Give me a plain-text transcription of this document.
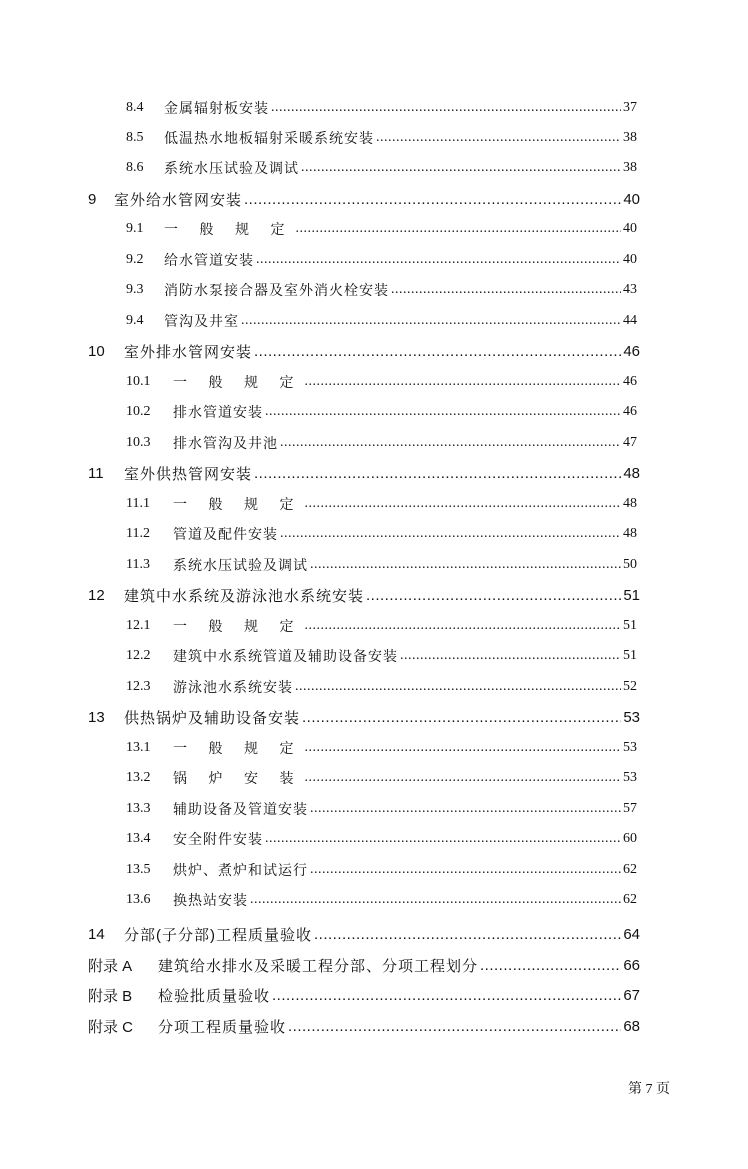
8.4	金属辐射板安装 .....	37
8.5	低温热水地板辐射采暖系统安装 .....	38
8.6	系统水压试验及调试 .....	38
9	室外给水管网安装 .....	40
9.1	一 般 规 定 .....	40
9.2	给水管道安装 .....	40
9.3	消防水泵接合器及室外消火栓安装 .....	43
9.4	管沟及井室 .....	44
10	室外排水管网安装 .....	46
10.1	一 般 规 定 .....	46
10.2	排水管道安装 .....	46
10.3	排水管沟及井池 .....	47
11	室外供热管网安装 .....	48
11.1	一 般 规 定 .....	48
11.2	管道及配件安装 .....	48
11.3	系统水压试验及调试 .....	50
12	建筑中水系统及游泳池水系统安装 .....	51
12.1	一 般 规 定 .....	51
12.2	建筑中水系统管道及辅助设备安装 .....	51
12.3	游泳池水系统安装 .....	52
13	供热锅炉及辅助设备安装 .....	53
13.1	一 般 规 定 .....	53
13.2	锅 炉 安 装 .....	53
13.3	辅助设备及管道安装 .....	57
13.4	安全附件安装 .....	60
13.5	烘炉、煮炉和试运行 .....	62
13.6	换热站安装 .....	62
14	分部(子分部)工程质量验收 .....	64
附录 A	建筑给水排水及采暖工程分部、分项工程划分 .....	66
附录 B	检验批质量验收 .....	67
附录 C	分项工程质量验收 .....	68
第 7 页
